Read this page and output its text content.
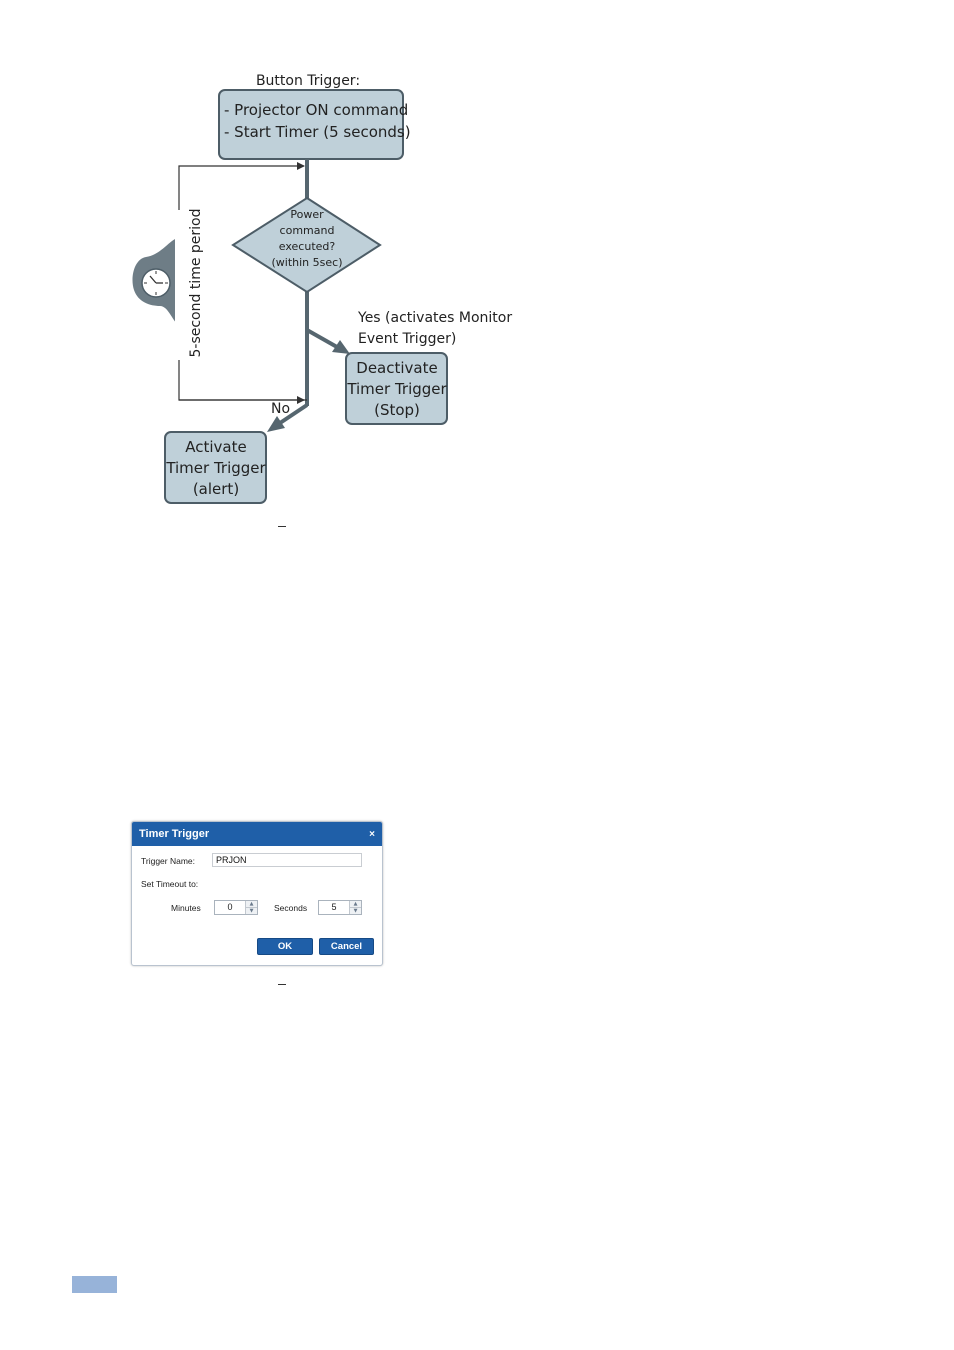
Button Trigger:
- Projector ON command
- Start Timer (5 seconds)
Power
command
executed?
(within 5sec)
Yes (activates Monitor
Event Trigger)
Deactivate
Timer Trigger
(Stop)
No
Activate
Timer Trigger
(alert)
5-second time period
Timer Trigger	×
Trigger Name:	PRJON
Set Timeout to:
Minutes	0	▲
▼	Seconds	5	▲
▼
OK	Cancel
